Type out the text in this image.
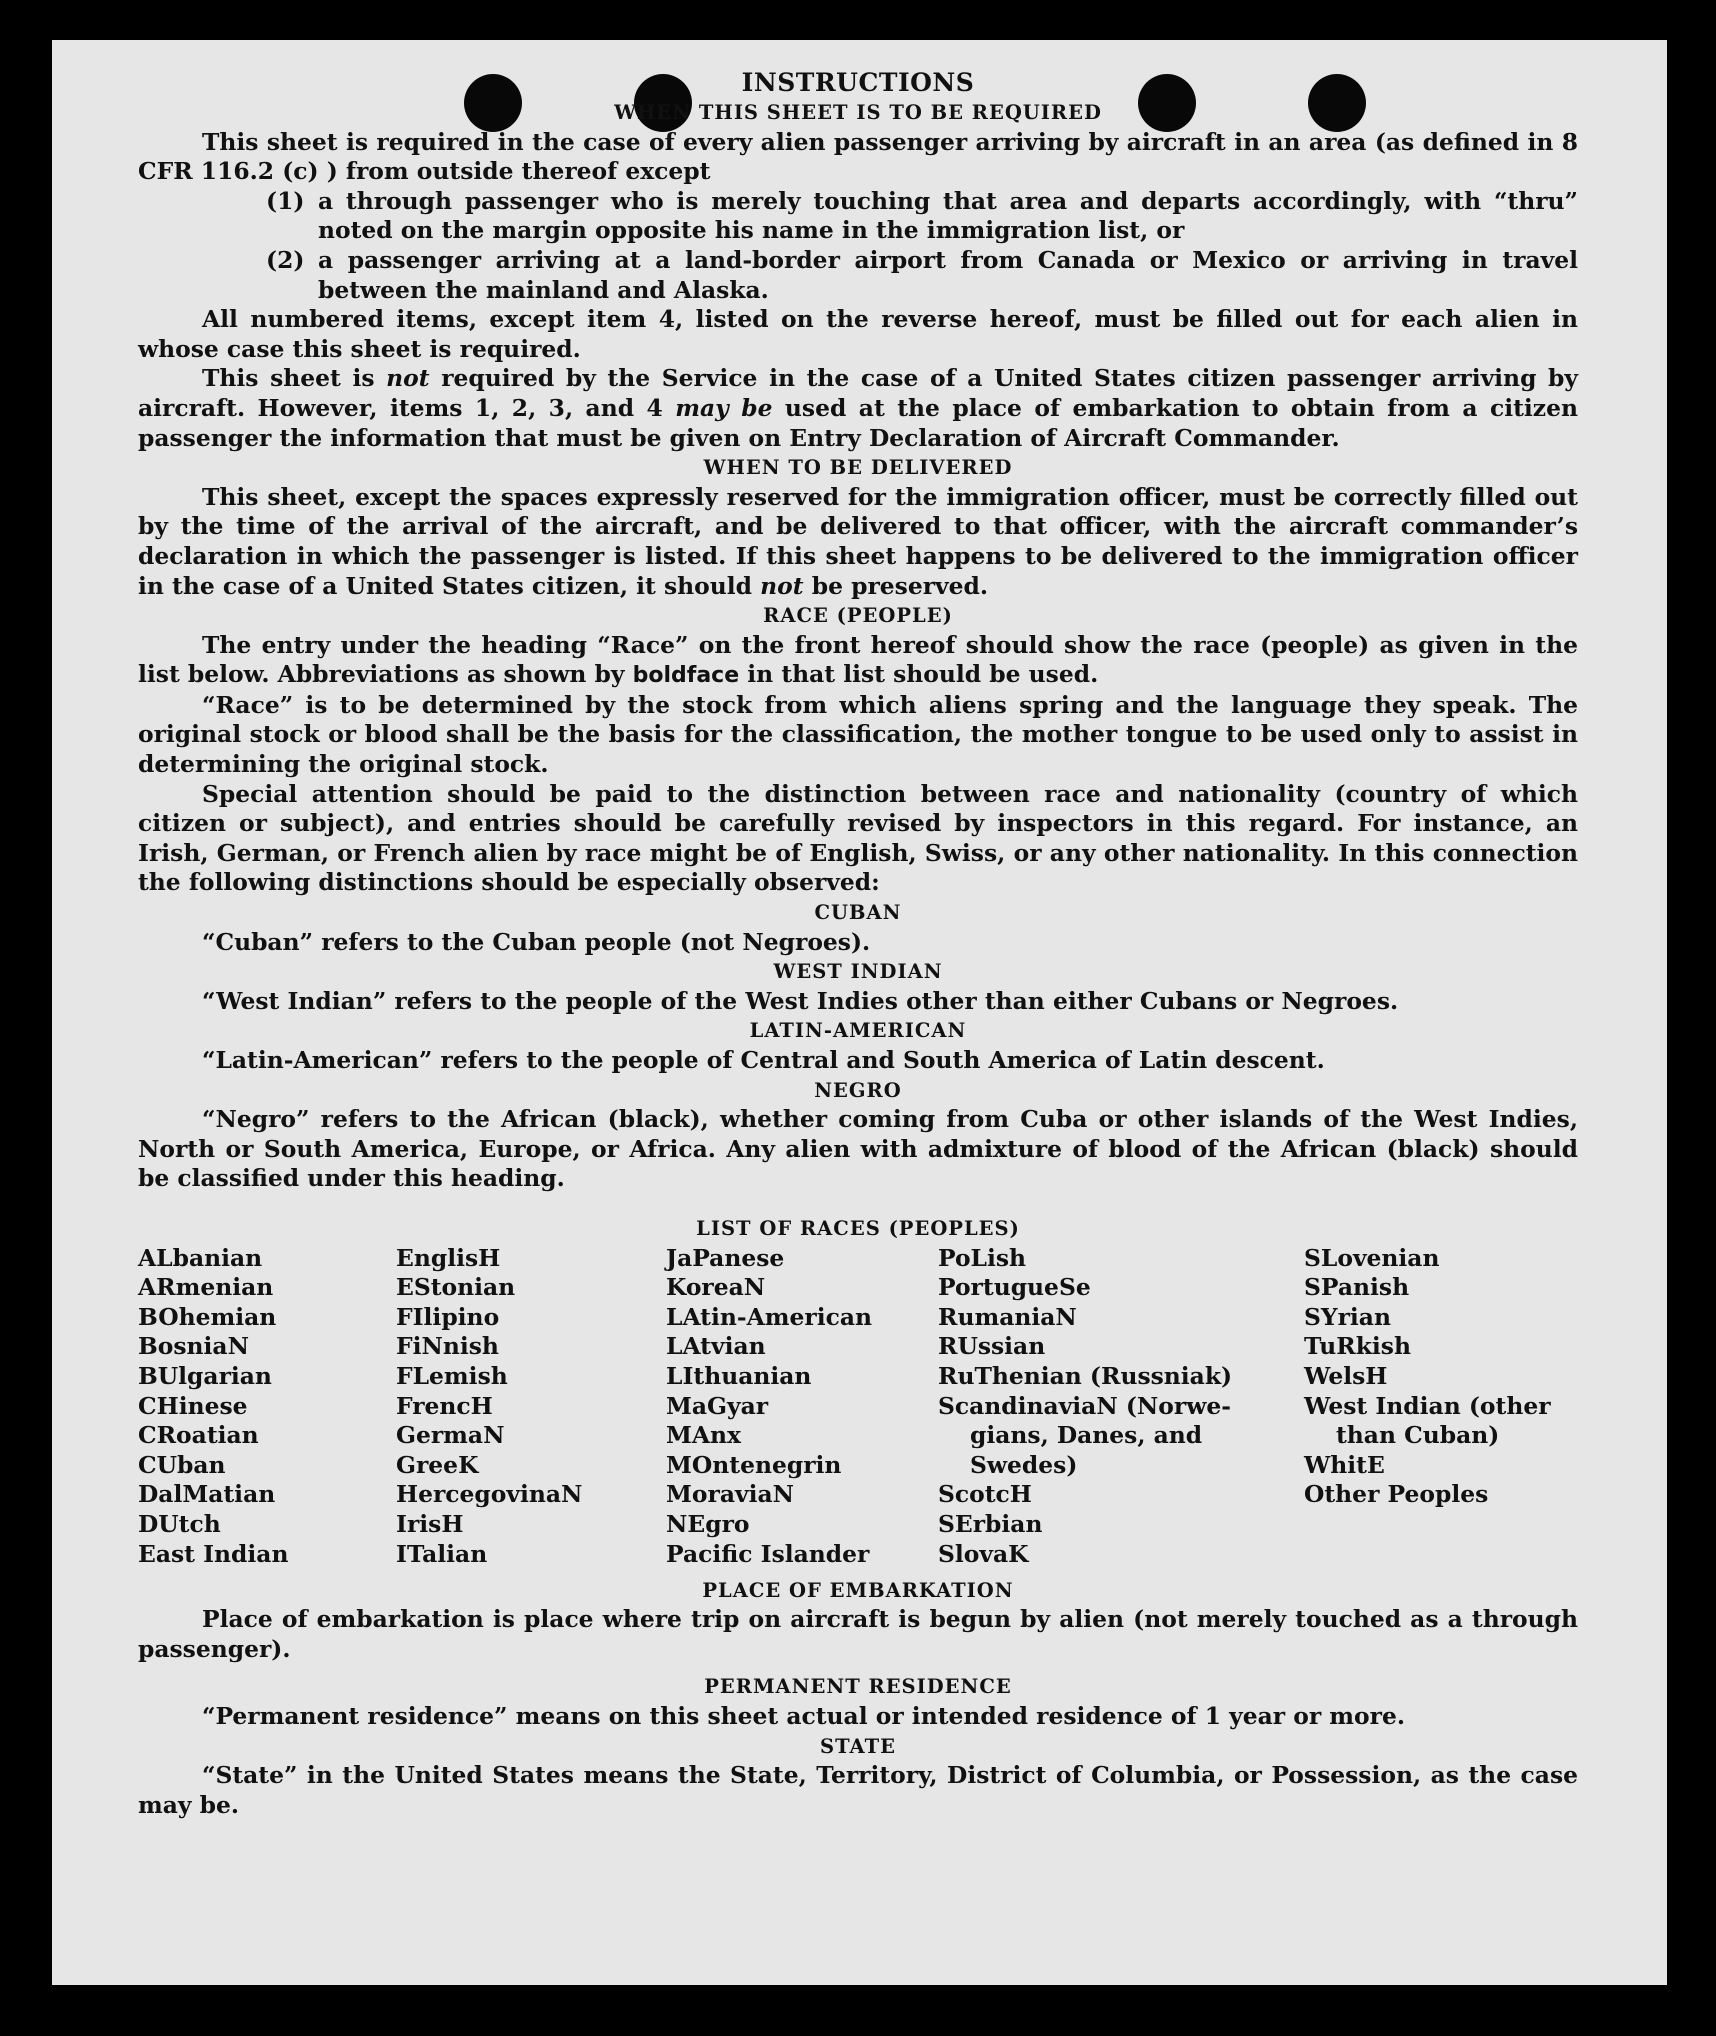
INSTRUCTIONS
WHEN THIS SHEET IS TO BE REQUIRED

This sheet is required in the case of every alien passenger arriving by aircraft in an area (as defined in 8 CFR 116.2 (c) ) from outside thereof except

(1) a through passenger who is merely touching that area and departs accordingly, with “thru” noted on the margin opposite his name in the immigration list, or

(2) a passenger arriving at a land-border airport from Canada or Mexico or arriving in travel between the mainland and Alaska.

All numbered items, except item 4, listed on the reverse hereof, must be filled out for each alien in whose case this sheet is required.

This sheet is not required by the Service in the case of a United States citizen passenger arriving by aircraft. However, items 1, 2, 3, and 4 may be used at the place of embarkation to obtain from a citizen passenger the information that must be given on Entry Declaration of Aircraft Commander.

WHEN TO BE DELIVERED

This sheet, except the spaces expressly reserved for the immigration officer, must be correctly filled out by the time of the arrival of the aircraft, and be delivered to that officer, with the aircraft commander’s declaration in which the passenger is listed. If this sheet happens to be delivered to the immigration officer in the case of a United States citizen, it should not be preserved.

RACE (PEOPLE)

The entry under the heading “Race” on the front hereof should show the race (people) as given in the list below. Abbreviations as shown by boldface in that list should be used.

“Race” is to be determined by the stock from which aliens spring and the language they speak. The original stock or blood shall be the basis for the classification, the mother tongue to be used only to assist in determining the original stock.

Special attention should be paid to the distinction between race and nationality (country of which citizen or subject), and entries should be carefully revised by inspectors in this regard. For instance, an Irish, German, or French alien by race might be of English, Swiss, or any other nationality. In this connection the following distinctions should be especially observed:

CUBAN

“Cuban” refers to the Cuban people (not Negroes).

WEST INDIAN

“West Indian” refers to the people of the West Indies other than either Cubans or Negroes.

LATIN-AMERICAN

“Latin-American” refers to the people of Central and South America of Latin descent.

NEGRO

“Negro” refers to the African (black), whether coming from Cuba or other islands of the West Indies, North or South America, Europe, or Africa. Any alien with admixture of blood of the African (black) should be classified under this heading.

LIST OF RACES (PEOPLES)
ALbanian
ARmenian
BOhemian
BosniaN
BUlgarian
CHinese
CRoatian
CUban
DalMatian
DUtch
East Indian
EnglisH
EStonian
FIlipino
FiNnish
FLemish
FrencH
GermaN
GreeK
HercegovinaN
IrisH
ITalian
JaPanese
KoreaN
LAtin-American
LAtvian
LIthuanian
MaGyar
MAnx
MOntenegrin
MoraviaN
NEgro
Pacific Islander
PoLish
PortugueSe
RumaniaN
RUssian
RuThenian (Russniak)
ScandinaviaN (Norwe-
gians, Danes, and
Swedes)
ScotcH
SErbian
SlovaK
SLovenian
SPanish
SYrian
TuRkish
WelsH
West Indian (other
than Cuban)
WhitE
Other Peoples
PLACE OF EMBARKATION

Place of embarkation is place where trip on aircraft is begun by alien (not merely touched as a through passenger).

PERMANENT RESIDENCE

“Permanent residence” means on this sheet actual or intended residence of 1 year or more.

STATE

“State” in the United States means the State, Territory, District of Columbia, or Possession, as the case may be.
